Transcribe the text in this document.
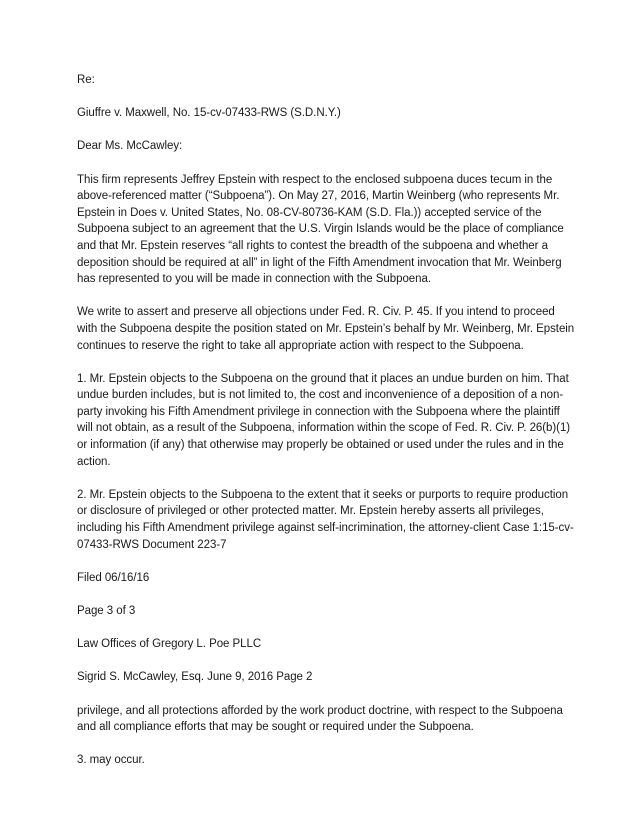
Re:

Giuffre v. Maxwell, No. 15-cv-07433-RWS (S.D.N.Y.)

Dear Ms. McCawley:

This firm represents Jeffrey Epstein with respect to the enclosed subpoena duces tecum in the above-referenced matter (“Subpoena”). On May 27, 2016, Martin Weinberg (who represents Mr. Epstein in Does v. United States, No. 08-CV-80736-KAM (S.D. Fla.)) accepted service of the Subpoena subject to an agreement that the U.S. Virgin Islands would be the place of compliance and that Mr. Epstein reserves “all rights to contest the breadth of the subpoena and whether a deposition should be required at all” in light of the Fifth Amendment invocation that Mr. Weinberg has represented to you will be made in connection with the Subpoena.

We write to assert and preserve all objections under Fed. R. Civ. P. 45. If you intend to proceed with the Subpoena despite the position stated on Mr. Epstein’s behalf by Mr. Weinberg, Mr. Epstein continues to reserve the right to take all appropriate action with respect to the Subpoena.

1. Mr. Epstein objects to the Subpoena on the ground that it places an undue burden on him. That undue burden includes, but is not limited to, the cost and inconvenience of a deposition of a non-party invoking his Fifth Amendment privilege in connection with the Subpoena where the plaintiff will not obtain, as a result of the Subpoena, information within the scope of Fed. R. Civ. P. 26(b)(1) or information (if any) that otherwise may properly be obtained or used under the rules and in the action.

2. Mr. Epstein objects to the Subpoena to the extent that it seeks or purports to require production or disclosure of privileged or other protected matter. Mr. Epstein hereby asserts all privileges, including his Fifth Amendment privilege against self-incrimination, the attorney-client Case 1:15-cv-07433-RWS Document 223-7

Filed 06/16/16

Page 3 of 3

Law Offices of Gregory L. Poe PLLC

Sigrid S. McCawley, Esq. June 9, 2016 Page 2

privilege, and all protections afforded by the work product doctrine, with respect to the Subpoena and all compliance efforts that may be sought or required under the Subpoena.

3. may occur.
